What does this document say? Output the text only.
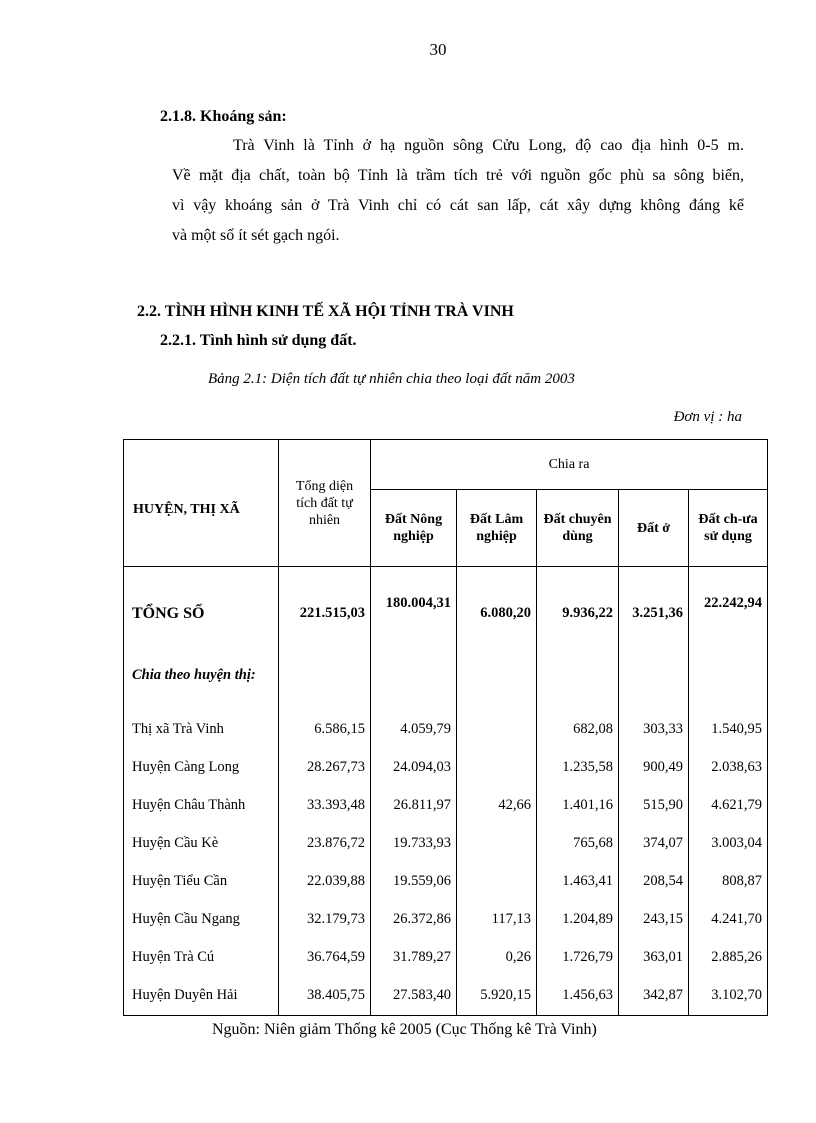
30
2.1.8. Khoáng sản:

Trà Vinh là Tỉnh ở hạ nguồn sông Cửu Long, độ cao địa hình 0-5 m.

Về mặt địa chất, toàn bộ Tỉnh là trầm tích trẻ với nguồn gốc phù sa sông biển,

vì vậy khoáng sản ở Trà Vinh chỉ có cát san lấp, cát xây dựng không đáng kể

và một số ít sét gạch ngói.

2.2. TÌNH HÌNH KINH TẾ XÃ HỘI TỈNH TRÀ VINH
2.2.1. Tình hình sử dụng đất.
Bảng 2.1: Diện tích đất tự nhiên chia theo loại đất năm 2003
Đơn vị : ha
HUYỆN, THỊ XÃ	Tổng diện tích đất tự nhiên	Chia ra				
		Đất Nông nghiệp	Đất Lâm nghiệp	Đất chuyên dùng	Đất ở	Đất ch-ưa sử dụng
TỔNG SỐ	221.515,03	180.004,31	6.080,20	9.936,22	3.251,36	22.242,94
Chia theo huyện thị:						
Thị xã Trà Vinh	6.586,15	4.059,79		682,08	303,33	1.540,95
Huyện Càng Long	28.267,73	24.094,03		1.235,58	900,49	2.038,63
Huyện Châu Thành	33.393,48	26.811,97	42,66	1.401,16	515,90	4.621,79
Huyện Cầu Kè	23.876,72	19.733,93		765,68	374,07	3.003,04
Huyện Tiểu Cần	22.039,88	19.559,06		1.463,41	208,54	808,87
Huyện Cầu Ngang	32.179,73	26.372,86	117,13	1.204,89	243,15	4.241,70
Huyện Trà Cú	36.764,59	31.789,27	0,26	1.726,79	363,01	2.885,26
Huyện Duyên Hải	38.405,75	27.583,40	5.920,15	1.456,63	342,87	3.102,70
Nguồn: Niên giảm Thống kê 2005 (Cục Thống kê Trà Vinh)
